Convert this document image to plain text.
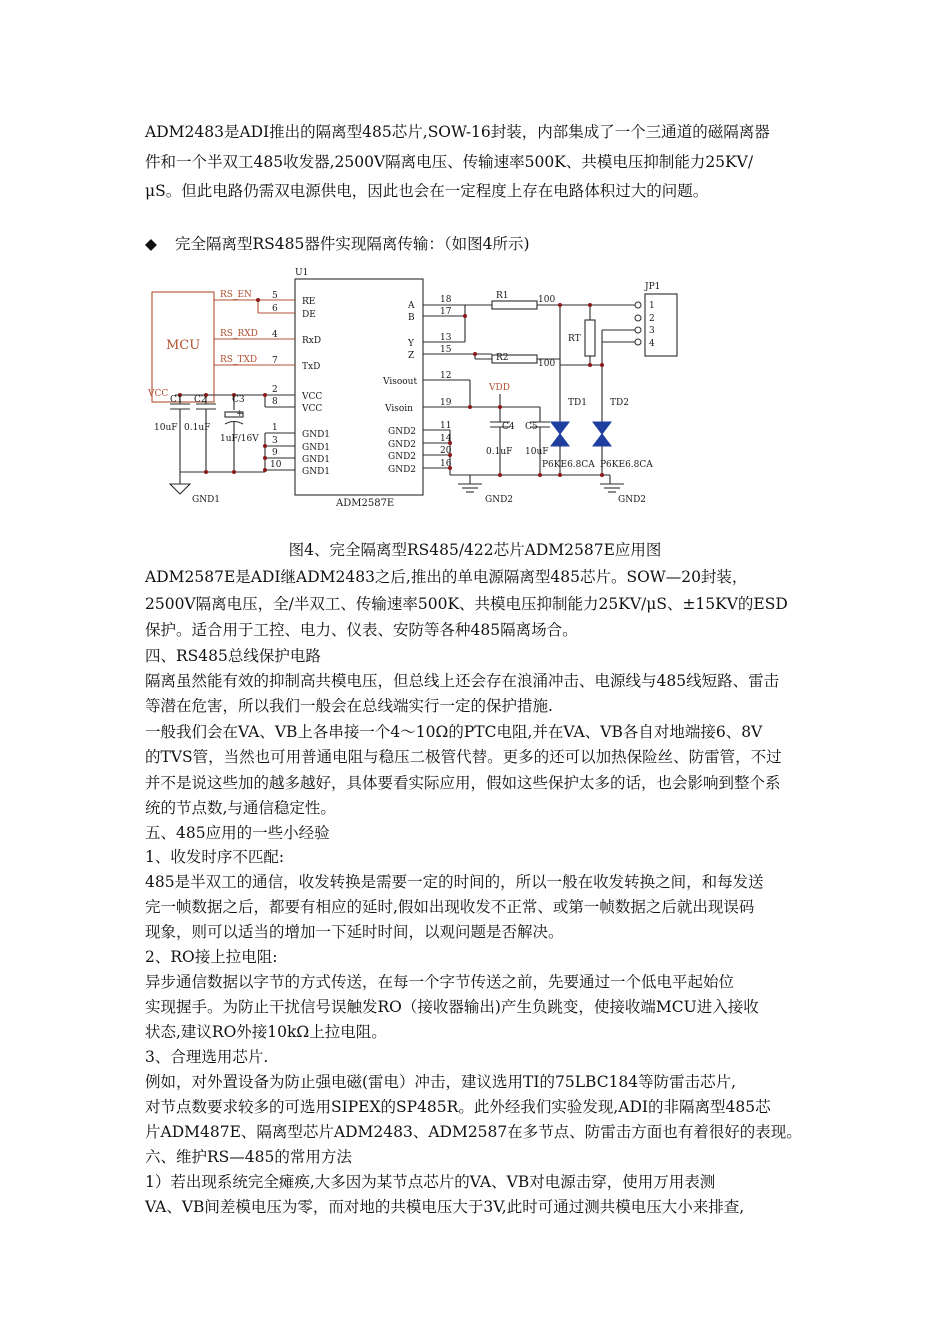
ADM2483是ADI推出的隔离型485芯片,SOW-16封装，内部集成了一个三通道的磁隔离器
件和一个半双工485收发器,2500V隔离电压、传输速率500K、共模电压抑制能力25KV/
μS。但此电路仍需双电源供电，因此也会在一定程度上存在电路体积过大的问题。
◆ 完全隔离型RS485器件实现隔离传输：（如图4所示)
U1
ADM2587E
MCU
RS_EN
RS_RXD
RS_TXD
VCC
GND1	GND2	GND2
VDD
5
6
4
7
2
8
1
3
9
10
RE
DE
RxD
TxD
VCC
VCC
GND1
GND1
GND1
GND1
A
B
Y
Z
Visoout
Visoin
GND2
GND2
GND2
GND2
18
17
13
15
12
19
11
14
20
16
C1
10uF
C2
0.1uF
C3
+
1uF/16V
R1	100
R2
100
RT
C4
0.1uF
C5
10uF
TD1	TD2
P6KE6.8CA P6KE6.8CA
JP1
1
2
3
4
图4、完全隔离型RS485/422芯片ADM2587E应用图
ADM2587E是ADI继ADM2483之后,推出的单电源隔离型485芯片。SOW—20封装，
2500V隔离电压，全/半双工、传输速率500K、共模电压抑制能力25KV/μS、±15KV的ESD
保护。适合用于工控、电力、仪表、安防等各种485隔离场合。
四、RS485总线保护电路
隔离虽然能有效的抑制高共模电压，但总线上还会存在浪涌冲击、电源线与485线短路、雷击
等潜在危害，所以我们一般会在总线端实行一定的保护措施.
一般我们会在VA、VB上各串接一个4～10Ω的PTC电阻,并在VA、VB各自对地端接6、8V
的TVS管，当然也可用普通电阻与稳压二极管代替。更多的还可以加热保险丝、防雷管，不过
并不是说这些加的越多越好，具体要看实际应用，假如这些保护太多的话，也会影响到整个系
统的节点数,与通信稳定性。
五、485应用的一些小经验
1、收发时序不匹配:
485是半双工的通信，收发转换是需要一定的时间的，所以一般在收发转换之间，和每发送
完一帧数据之后，都要有相应的延时,假如出现收发不正常、或第一帧数据之后就出现误码
现象，则可以适当的增加一下延时时间，以观问题是否解决。
2、RO接上拉电阻:
异步通信数据以字节的方式传送，在每一个字节传送之前，先要通过一个低电平起始位
实现握手。为防止干扰信号误触发RO（接收器输出)产生负跳变，使接收端MCU进入接收
状态,建议RO外接10kΩ上拉电阻。
3、合理选用芯片.
例如，对外置设备为防止强电磁(雷电）冲击，建议选用TI的75LBC184等防雷击芯片,
对节点数要求较多的可选用SIPEX的SP485R。此外经我们实验发现,ADI的非隔离型485芯
片ADM487E、隔离型芯片ADM2483、ADM2587在多节点、防雷击方面也有着很好的表现。
六、维护RS—485的常用方法
1）若出现系统完全瘫痪,大多因为某节点芯片的VA、VB对电源击穿，使用万用表测
VA、VB间差模电压为零，而对地的共模电压大于3V,此时可通过测共模电压大小来排查,
